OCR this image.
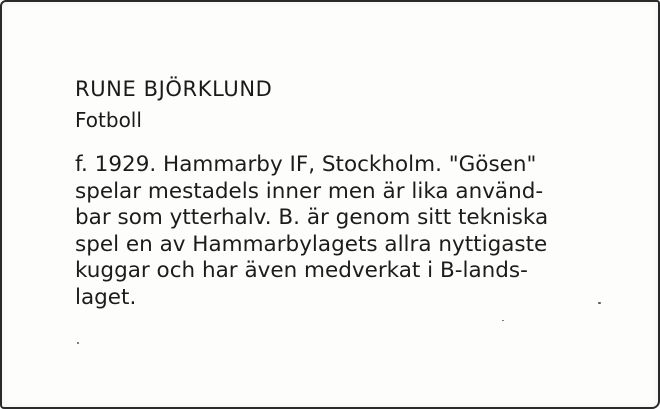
RUNE BJÖRKLUND
Fotboll
f. 1929. Hammarby IF, Stockholm. "Gösen"
spelar mestadels inner men är lika använd-
bar som ytterhalv. B. är genom sitt tekniska
spel en av Hammarbylagets allra nyttigaste
kuggar och har även medverkat i B-lands-
laget.
